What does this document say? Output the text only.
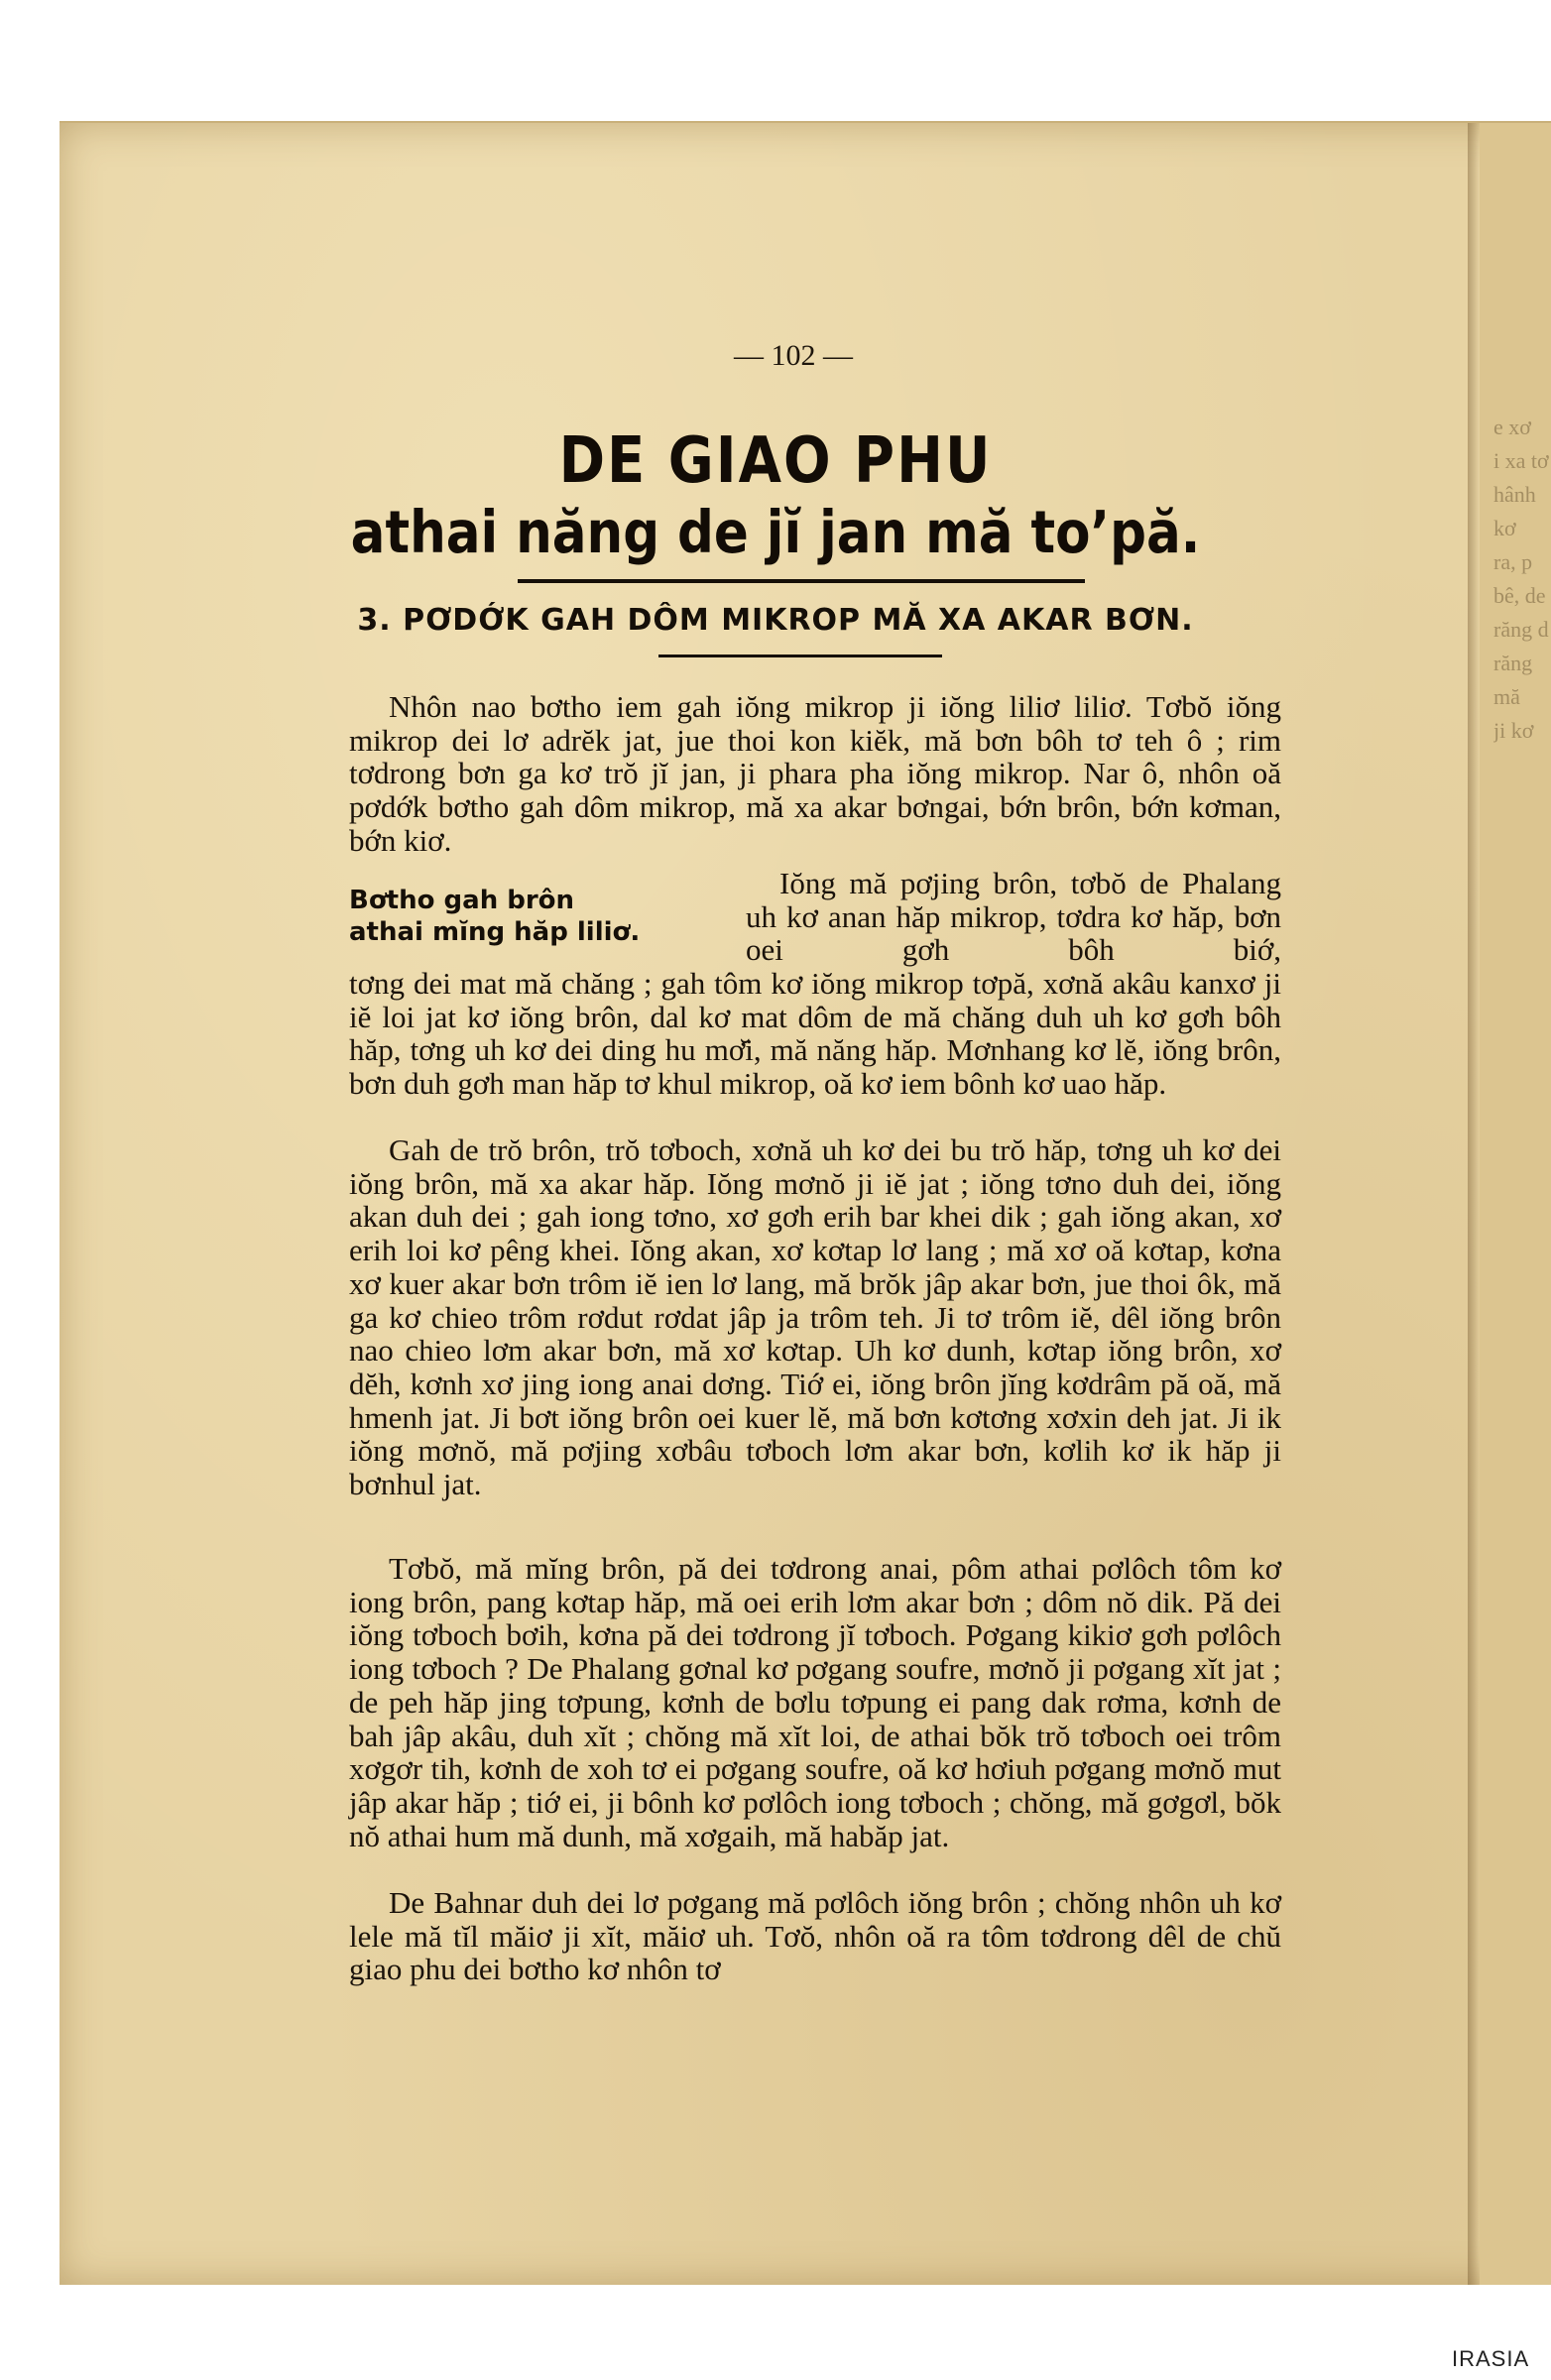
e xơ
i xa tơ
hânh kơ
ra, p
bê, de
răng d
răng mă
ji kơ
— 102 —
DE GIAO PHU
athai năng de jĭ jan mă to’pă.
3. PƠDỚK GAH DÔM MIKROP MĂ XA AKAR BƠN.

Nhôn nao bơtho iem gah iŏng mikrop ji iŏng liliơ liliơ. Tơbŏ iŏng mikrop dei lơ adrĕk jat, jue thoi kon kiĕk, mă bơn bôh tơ teh ô ; rim tơdrong bơn ga kơ trŏ jĭ jan, ji phara pha iŏng mikrop. Nar ô, nhôn oă pơdớk bơtho gah dôm mikrop, mă xa akar bơngai, bớn brôn, bớn kơman, bớn kiơ.

Bơtho gah brôn
athai mĭng hăp liliơ.

Iŏng mă pơjing brôn, tơbŏ de Phalang uh kơ anan hăp mikrop, tơdra kơ hăp, bơn oei gơh bôh biớ,

tơng dei mat mă chăng ; gah tôm kơ iŏng mikrop tơpă, xơnă akâu kanxơ ji iĕ loi jat kơ iŏng brôn, dal kơ mat dôm de mă chăng duh uh kơ gơh bôh hăp, tơng uh kơ dei ding hu mơ̆i, mă năng hăp. Mơnhang kơ lĕ, iŏng brôn, bơn duh gơh man hăp tơ khul mikrop, oă kơ iem bônh kơ uao hăp.

Gah de trŏ brôn, trŏ tơboch, xơnă uh kơ dei bu trŏ hăp, tơng uh kơ dei iŏng brôn, mă xa akar hăp. Iŏng mơnŏ ji iĕ jat ; iŏng tơno duh dei, iŏng akan duh dei ; gah iong tơno, xơ gơh erih bar khei dik ; gah iŏng akan, xơ erih loi kơ pêng khei. Iŏng akan, xơ kơtap lơ lang ; mă xơ oă kơtap, kơna xơ kuer akar bơn trôm iĕ ien lơ lang, mă brŏk jâp akar bơn, jue thoi ôk, mă ga kơ chieo trôm rơdut rơdat jâp ja trôm teh. Ji tơ trôm iĕ, dêl iŏng brôn nao chieo lơm akar bơn, mă xơ kơtap. Uh kơ dunh, kơtap iŏng brôn, xơ dĕh, kơnh xơ jing iong anai dơng. Tiớ ei, iŏng brôn jĭng kơdrâm pă oă, mă hmenh jat. Ji bơt iŏng brôn oei kuer lĕ, mă bơn kơtơng xơxin deh jat. Ji ik iŏng mơnŏ, mă pơjing xơbâu tơboch lơm akar bơn, kơlih kơ ik hăp ji bơnhul jat.

Tơbŏ, mă mĭng brôn, pă dei tơdrong anai, pôm athai pơlôch tôm kơ iong brôn, pang kơtap hăp, mă oei erih lơm akar bơn ; dôm nŏ dik. Pă dei iŏng tơboch bơih, kơna pă dei tơdrong jĭ tơboch. Pơgang kikiơ gơh pơlôch iong tơboch ? De Phalang gơnal kơ pơgang soufre, mơnŏ ji pơgang xĭt jat ; de peh hăp jing tơpung, kơnh de bơlu tơpung ei pang dak rơma, kơnh de bah jâp akâu, duh xĭt ; chŏng mă xĭt loi, de athai bŏk trŏ tơboch oei trôm xơgơr tih, kơnh de xoh tơ ei pơgang soufre, oă kơ hơiuh pơgang mơnŏ mut jâp akar hăp ; tiớ ei, ji bônh kơ pơlôch iong tơboch ; chŏng, mă gơgơl, bŏk nŏ athai hum mă dunh, mă xơgaih, mă habăp jat.

De Bahnar duh dei lơ pơgang mă pơlôch iŏng brôn ; chŏng nhôn uh kơ lele mă tĭl măiơ ji xĭt, măiơ uh. Tơŏ, nhôn oă ra tôm tơdrong dêl de chŭ giao phu dei bơtho kơ nhôn tơ

IRASIA
